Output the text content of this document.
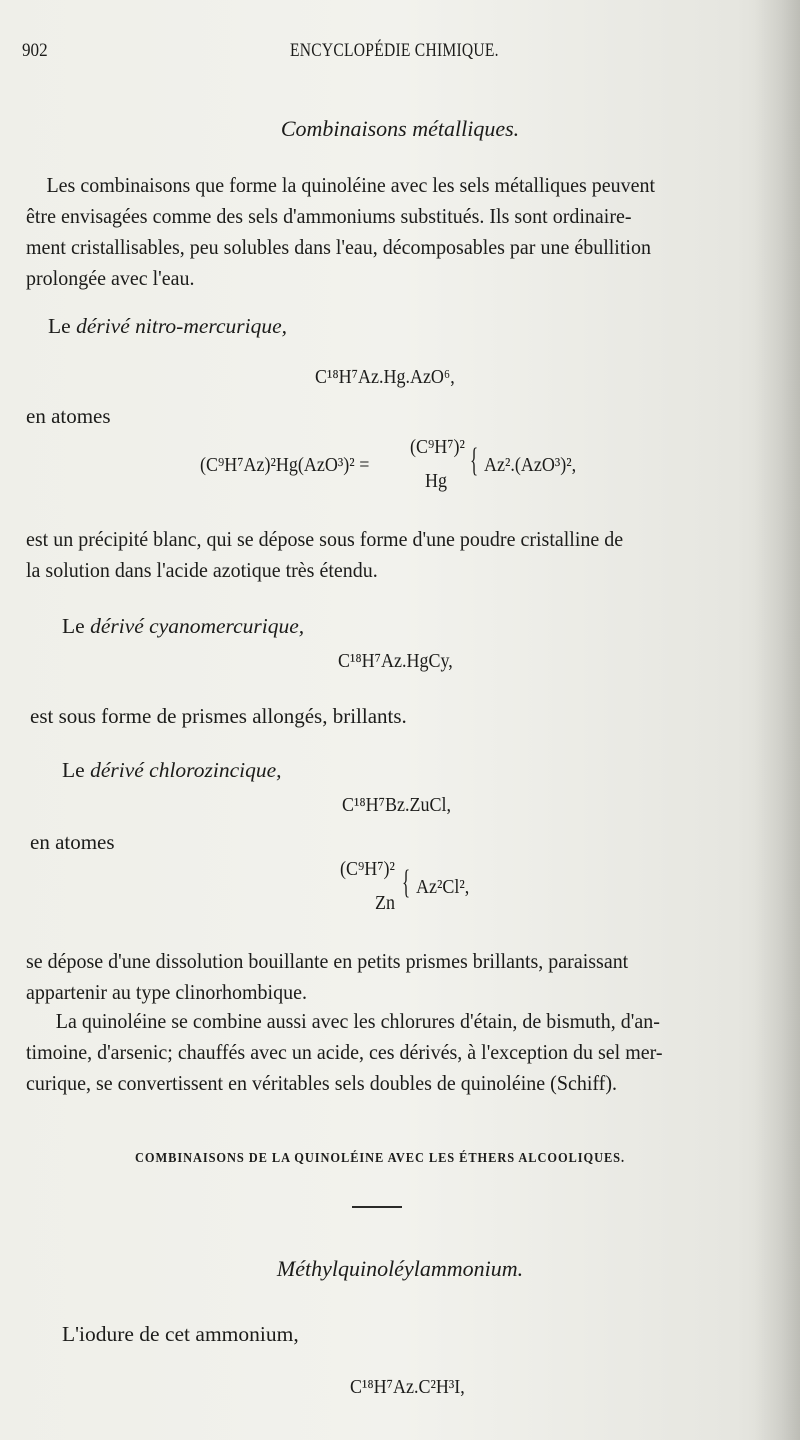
902	ENCYCLOPÉDIE CHIMIQUE.
Combinaisons métalliques.
Les combinaisons que forme la quinoléine avec les sels métalliques peuvent
être envisagées comme des sels d'ammoniums substitués. Ils sont ordinaire-
ment cristallisables, peu solubles dans l'eau, décomposables par une ébullition
prolongée avec l'eau.
Le dérivé nitro-mercurique,
C¹⁸H⁷Az.Hg.AzO⁶,
en atomes
(C⁹H⁷Az)²Hg(AzO³)² =
(C⁹H⁷)²
Hg
{ Az².(AzO³)²,
est un précipité blanc, qui se dépose sous forme d'une poudre cristalline de
la solution dans l'acide azotique très étendu.
Le dérivé cyanomercurique,
C¹⁸H⁷Az.HgCy,
est sous forme de prismes allongés, brillants.
Le dérivé chlorozincique,
C¹⁸H⁷Bz.ZuCl,
en atomes
(C⁹H⁷)²
Zn
{ Az²Cl²,
se dépose d'une dissolution bouillante en petits prismes brillants, paraissant
appartenir au type clinorhombique.
La quinoléine se combine aussi avec les chlorures d'étain, de bismuth, d'an-
timoine, d'arsenic; chauffés avec un acide, ces dérivés, à l'exception du sel mer-
curique, se convertissent en véritables sels doubles de quinoléine (Schiff).
COMBINAISONS DE LA QUINOLÉINE AVEC LES ÉTHERS ALCOOLIQUES.
Méthylquinoléylammonium.
L'iodure de cet ammonium,
C¹⁸H⁷Az.C²H³I,
